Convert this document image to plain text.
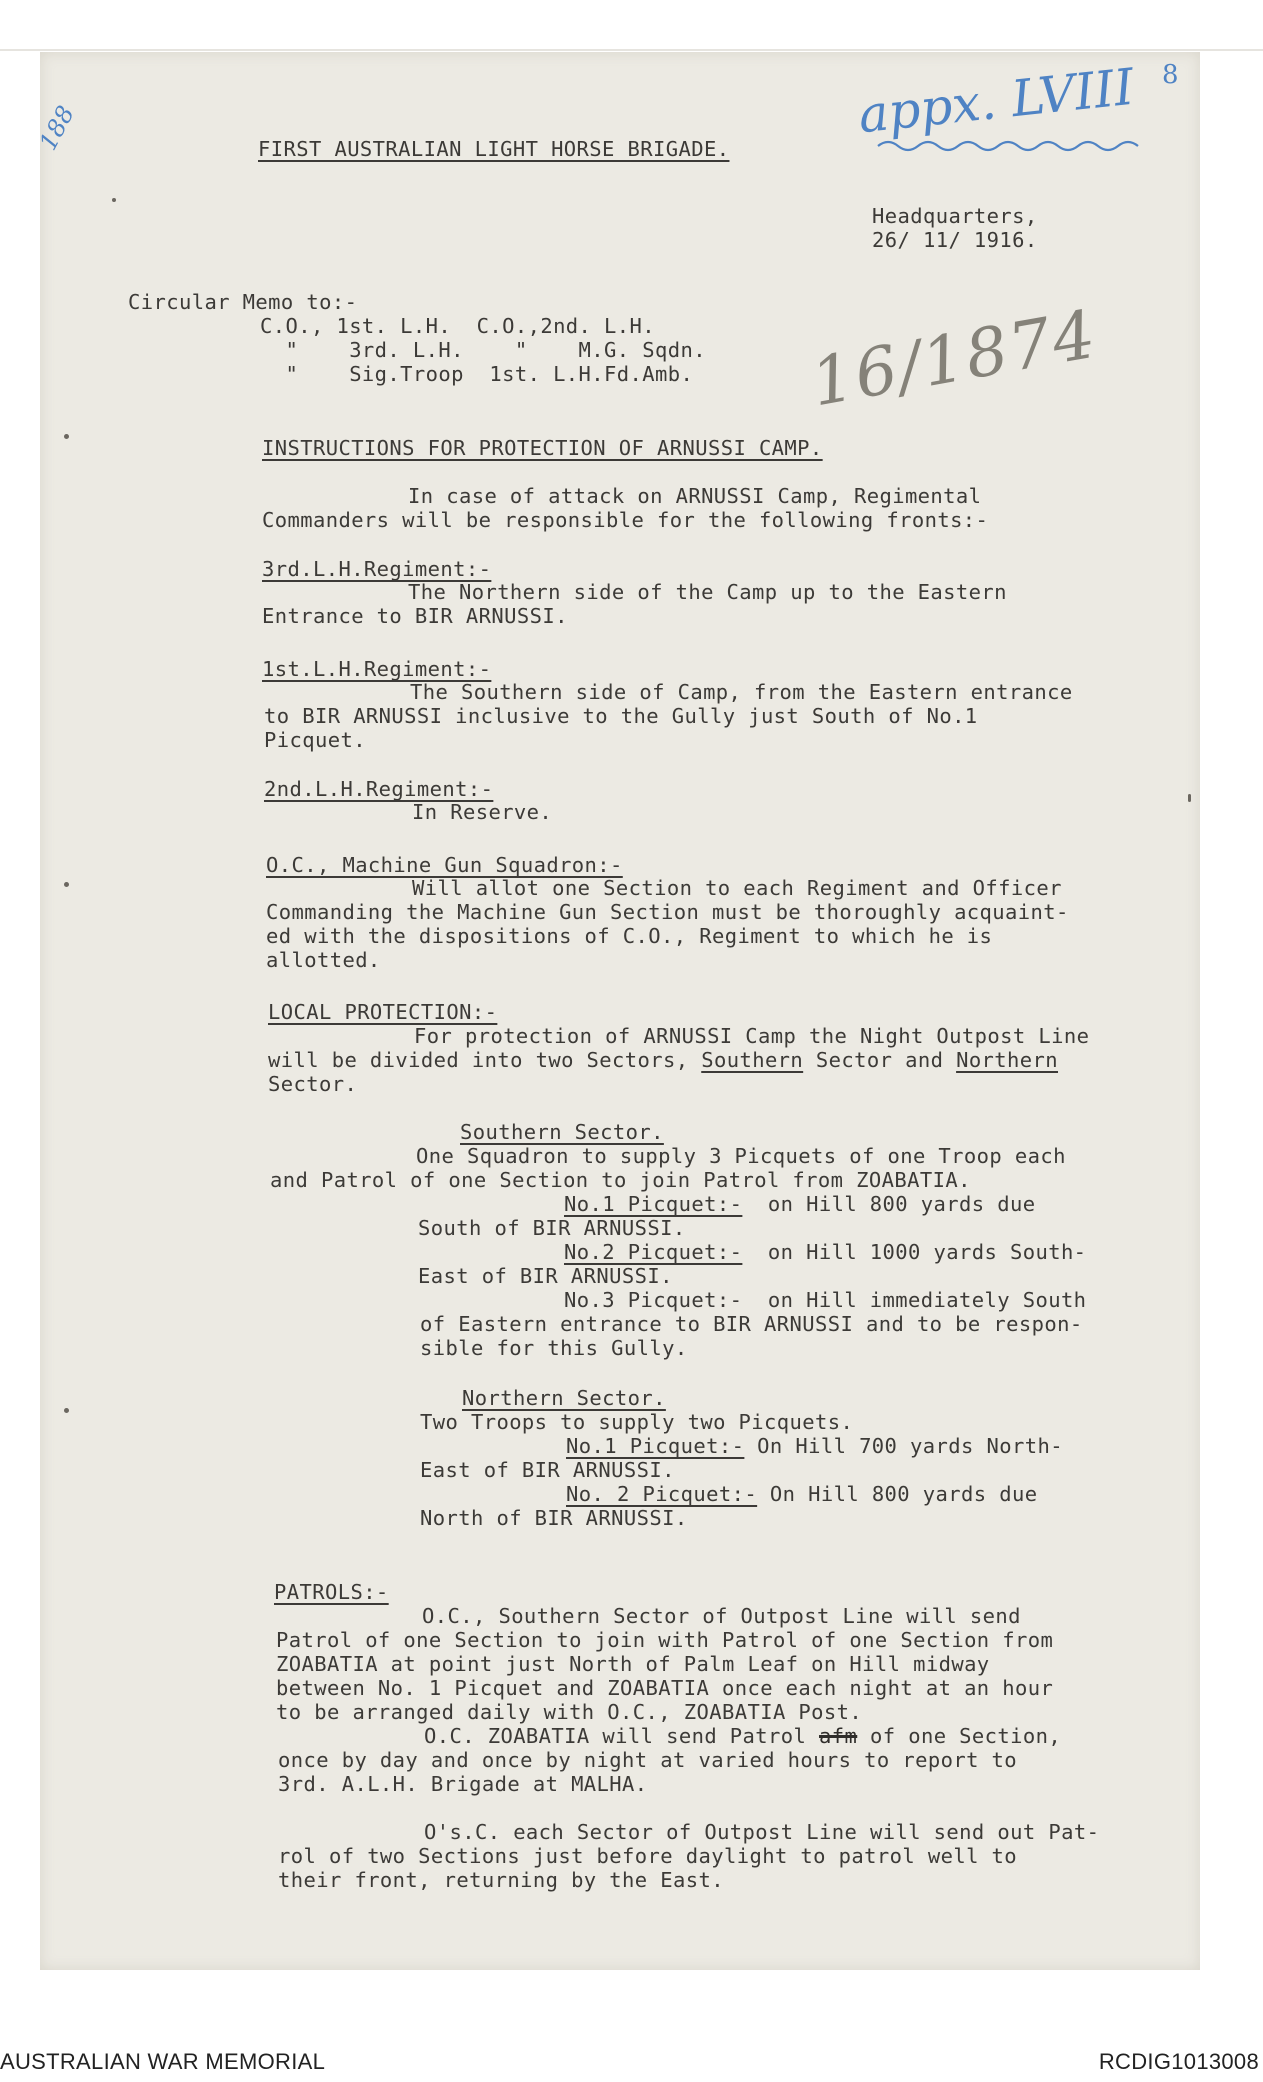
FIRST AUSTRALIAN LIGHT HORSE BRIGADE.
Headquarters,
26/ 11/ 1916.
Circular Memo to:-
C.O., 1st. L.H.  C.O.,2nd. L.H.
"    3rd. L.H.    "    M.G. Sqdn.
"    Sig.Troop  1st. L.H.Fd.Amb.
INSTRUCTIONS FOR PROTECTION OF ARNUSSI CAMP.
In case of attack on ARNUSSI Camp, Regimental
Commanders will be responsible for the following fronts:-
3rd.L.H.Regiment:-
The Northern side of the Camp up to the Eastern
Entrance to BIR ARNUSSI.
1st.L.H.Regiment:-
The Southern side of Camp, from the Eastern entrance
to BIR ARNUSSI inclusive to the Gully just South of No.1
Picquet.
2nd.L.H.Regiment:-
In Reserve.
O.C., Machine Gun Squadron:-
Will allot one Section to each Regiment and Officer
Commanding the Machine Gun Section must be thoroughly acquaint-
ed with the dispositions of C.O., Regiment to which he is
allotted.
LOCAL PROTECTION:-
For protection of ARNUSSI Camp the Night Outpost Line
will be divided into two Sectors, Southern Sector and Northern
Sector.
Southern Sector.
One Squadron to supply 3 Picquets of one Troop each
and Patrol of one Section to join Patrol from ZOABATIA.
No.1 Picquet:-  on Hill 800 yards due
South of BIR ARNUSSI.
No.2 Picquet:-  on Hill 1000 yards South-
East of BIR ARNUSSI.
No.3 Picquet:-  on Hill immediately South
of Eastern entrance to BIR ARNUSSI and to be respon-
sible for this Gully.
Northern Sector.
Two Troops to supply two Picquets.
No.1 Picquet:- On Hill 700 yards North-
East of BIR ARNUSSI.
No. 2 Picquet:- On Hill 800 yards due
North of BIR ARNUSSI.
PATROLS:-
O.C., Southern Sector of Outpost Line will send
Patrol of one Section to join with Patrol of one Section from
ZOABATIA at point just North of Palm Leaf on Hill midway
between No. 1 Picquet and ZOABATIA once each night at an hour
to be arranged daily with O.C., ZOABATIA Post.
O.C. ZOABATIA will send Patrol afm of one Section,
once by day and once by night at varied hours to report to
3rd. A.L.H. Brigade at MALHA.
O's.C. each Sector of Outpost Line will send out Pat-
rol of two Sections just before daylight to patrol well to
their front, returning by the East.
appx. LVIII 8
188
16/1874
AUSTRALIAN WAR MEMORIAL	RCDIG1013008
